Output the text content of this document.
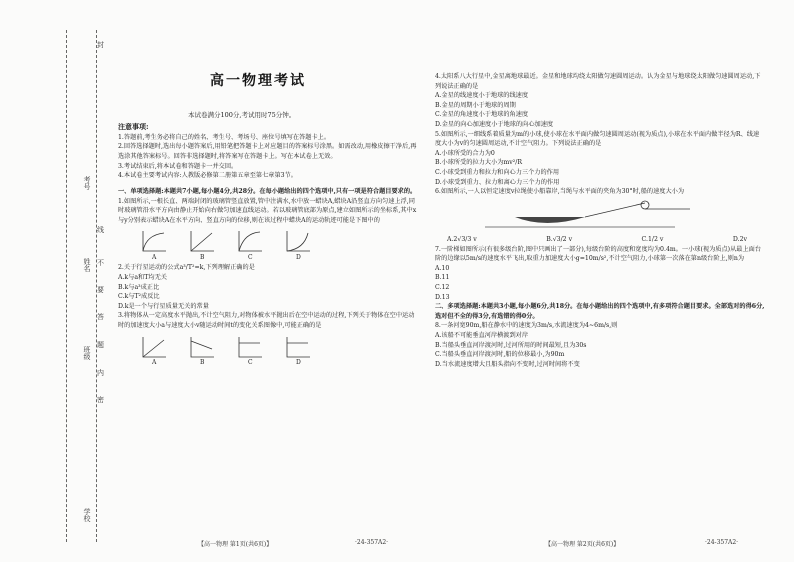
考号
班级
姓名
学校
封
线
不
要
答
题
内
密
高一物理考试
本试卷满分100分,考试用时75分钟。

注意事项:

1.答题前,考生务必将自己的姓名、考生号、考场号、座位号填写在答题卡上。

2.回答选择题时,选出每小题答案后,用铅笔把答题卡上对应题目的答案标号涂黑。如需改动,用橡皮擦干净后,再选涂其他答案标号。回答非选择题时,将答案写在答题卡上。写在本试卷上无效。

3.考试结束后,将本试卷和答题卡一并交回。

4.本试卷主要考试内容:人教版必修第二册第五章至第七章第3节。

一、单项选择题:本题共7小题,每小题4分,共28分。在每小题给出的四个选项中,只有一项是符合题目要求的。

1.如图所示,一根长直、两端封闭的玻璃管竖直放置,管中注满水,水中放一蜡块A,蜡块A沿竖直方向匀速上浮,同时玻璃管沿水平方向由静止开始向右做匀加速直线运动。若以玻璃管底部为原点,建立如图所示的坐标系,其中x与y分别表示蜡块A在水平方向、竖直方向的位移,则在该过程中蜡块A的运动轨迹可能是下图中的

A	B	C	D

2.关于行星运动的公式a³/T²=k,下列理解正确的是

A.k与a和T均无关

B.k与a³成正比

C.k与T²成反比

D.k是一个与行星质量无关的常量

3.将物体从一定高度水平抛出,不计空气阻力,对物体被水平抛出后在空中运动的过程,下列关于物体在空中运动时的加速度大小a与速度大小v随运动时间t的变化关系图像中,可能正确的是

A	B	C	D

4.太阳系八大行星中,金星离地球最近。金星和地球均绕太阳做匀速圆周运动。认为金星与地球绕太阳做匀速圆周运动,下列说法正确的是

A.金星的线速度小于地球的线速度

B.金星的周期小于地球的周期

C.金星的角速度小于地球的角速度

D.金星的向心加速度小于地球的向心加速度

5.如图所示,一细线系着质量为m的小球,使小球在水平面内做匀速圆周运动(视为质点),小球在水平面内做半径为R、线速度大小为v的匀速圆周运动,不计空气阻力。下列说法正确的是

A.小球所受的合力为0

B.小球所受的拉力大小为mv²/R

C.小球受到重力和拉力和向心力三个力的作用

D.小球受到重力、拉力和离心力三个力的作用

6.如图所示,一人以恒定速度v拉绳使小船靠岸,当绳与水平面的夹角为30°时,船的速度大小为

A.2√3/3 v	B.√3/2 v	C.1/2 v	D.2v

7.一阶梯如图所示(有很多级台阶,图中只画出了一部分),每级台阶的高度和宽度均为0.4m。一小球(视为质点)从最上面台阶的边缘以5m/s的速度水平飞出,取重力加速度大小g=10m/s²,不计空气阻力,小球第一次落在第n级台阶上,则n为

A.10

B.11

C.12

D.13

二、多项选择题:本题共3小题,每小题6分,共18分。在每小题给出的四个选项中,有多项符合题目要求。全部选对的得6分,选对但不全的得3分,有选错的得0分。

8.一条河宽90m,船在静水中的速度为3m/s,水流速度为4~6m/s,则

A.该船不可能垂直河岸横渡到对岸

B.当船头垂直河岸渡河时,过河所用的时间最短,且为30s

C.当船头垂直河岸渡河时,船的位移最小,为90m

D.当水流速度增大且船头指向不变时,过河时间将不变

【高一物理 第1页(共6页)】	·24-357A2·	【高一物理 第2页(共6页)】	·24-357A2·
